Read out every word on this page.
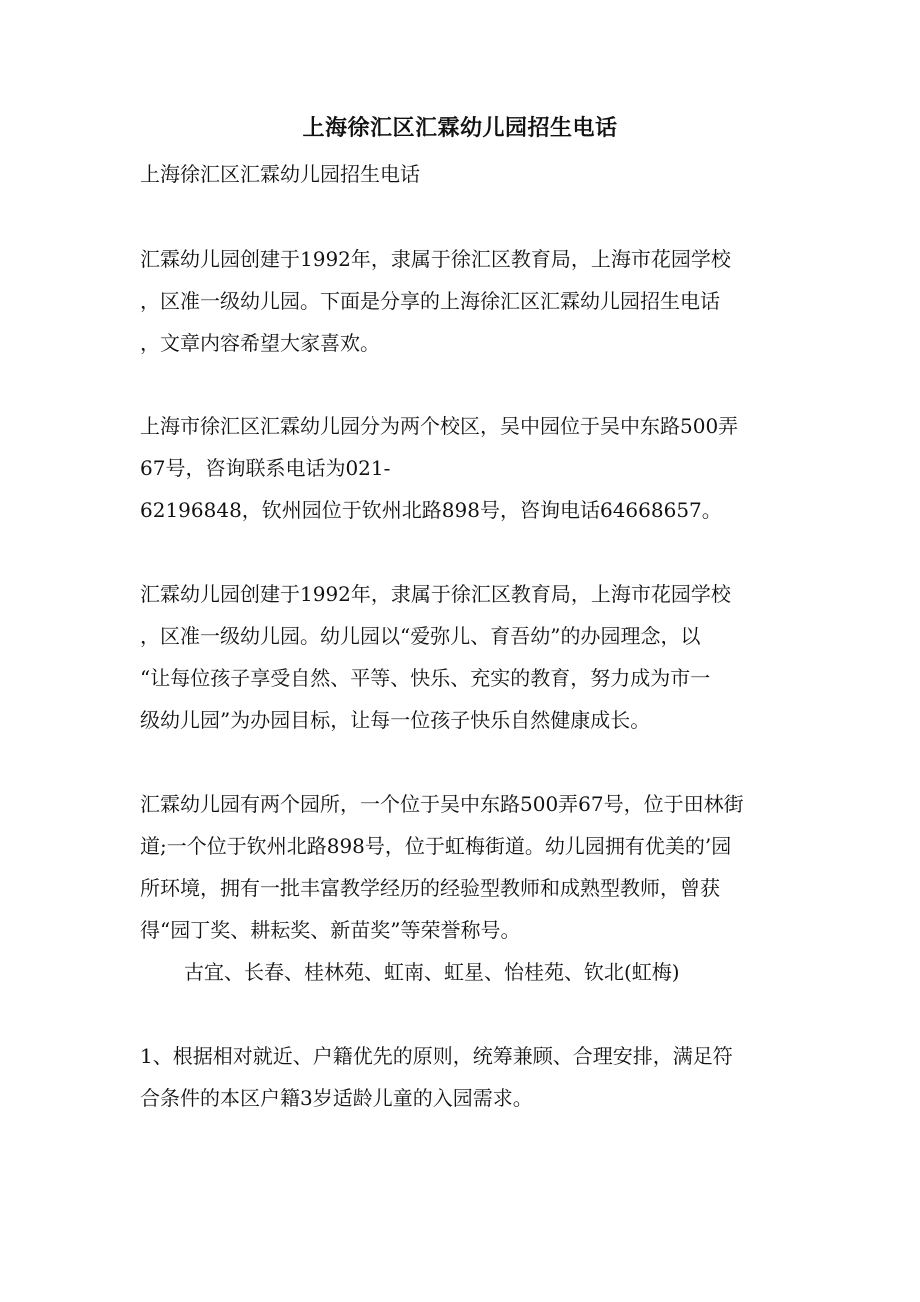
上海徐汇区汇霖幼儿园招生电话
上海徐汇区汇霖幼儿园招生电话
汇霖幼儿园创建于1992年，隶属于徐汇区教育局，上海市花园学校
，区准一级幼儿园。下面是分享的上海徐汇区汇霖幼儿园招生电话
，文章内容希望大家喜欢。
上海市徐汇区汇霖幼儿园分为两个校区，吴中园位于吴中东路500弄
67号，咨询联系电话为021-
62196848，钦州园位于钦州北路898号，咨询电话64668657。
汇霖幼儿园创建于1992年，隶属于徐汇区教育局，上海市花园学校
，区准一级幼儿园。幼儿园以“爱弥儿、育吾幼”的办园理念，以
“让每位孩子享受自然、平等、快乐、充实的教育，努力成为市一
级幼儿园”为办园目标，让每一位孩子快乐自然健康成长。
汇霖幼儿园有两个园所，一个位于吴中东路500弄67号，位于田林街
道;一个位于钦州北路898号，位于虹梅街道。幼儿园拥有优美的’园
所环境，拥有一批丰富教学经历的经验型教师和成熟型教师，曾获
得“园丁奖、耕耘奖、新苗奖”等荣誉称号。
古宜、长春、桂林苑、虹南、虹星、怡桂苑、钦北(虹梅)
1、根据相对就近、户籍优先的原则，统筹兼顾、合理安排，满足符
合条件的本区户籍3岁适龄儿童的入园需求。
